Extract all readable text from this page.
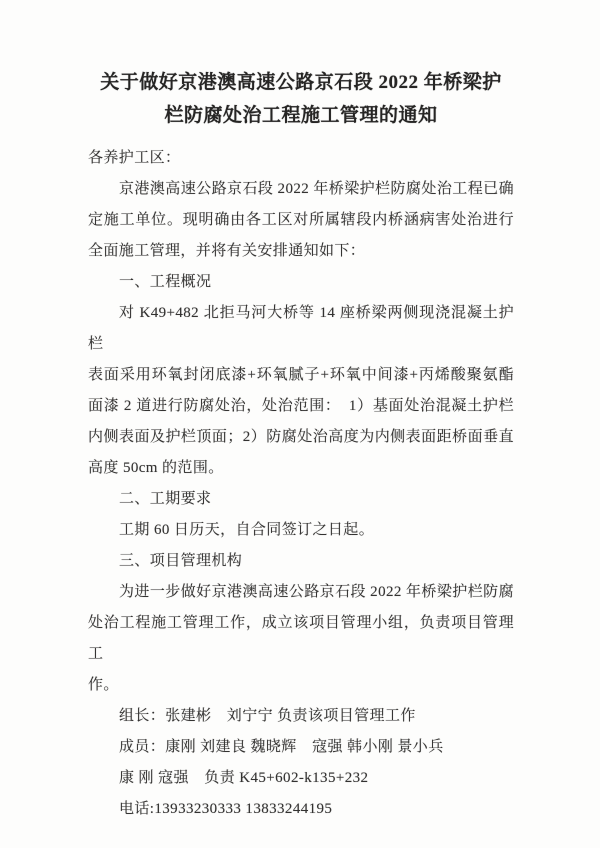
关于做好京港澳高速公路京石段 2022 年桥梁护
栏防腐处治工程施工管理的通知
各养护工区：
京港澳高速公路京石段 2022 年桥梁护栏防腐处治工程已确
定施工单位。现明确由各工区对所属辖段内桥涵病害处治进行
全面施工管理，并将有关安排通知如下：
一、工程概况
对 K49+482 北拒马河大桥等 14 座桥梁两侧现浇混凝土护栏
表面采用环氧封闭底漆+环氧腻子+环氧中间漆+丙烯酸聚氨酯
面漆 2 道进行防腐处治，处治范围：　1）基面处治混凝土护栏
内侧表面及护栏顶面；2）防腐处治高度为内侧表面距桥面垂直
高度 50cm 的范围。
二、工期要求
工期 60 日历天，自合同签订之日起。
三、项目管理机构
为进一步做好京港澳高速公路京石段 2022 年桥梁护栏防腐
处治工程施工管理工作，成立该项目管理小组，负责项目管理工
作。
组长：张建彬　刘宁宁 负责该项目管理工作
成员：康刚 刘建良 魏晓辉　寇强 韩小刚 景小兵
康 刚 寇强　负责 K45+602-k135+232
电话:13933230333 13833244195
